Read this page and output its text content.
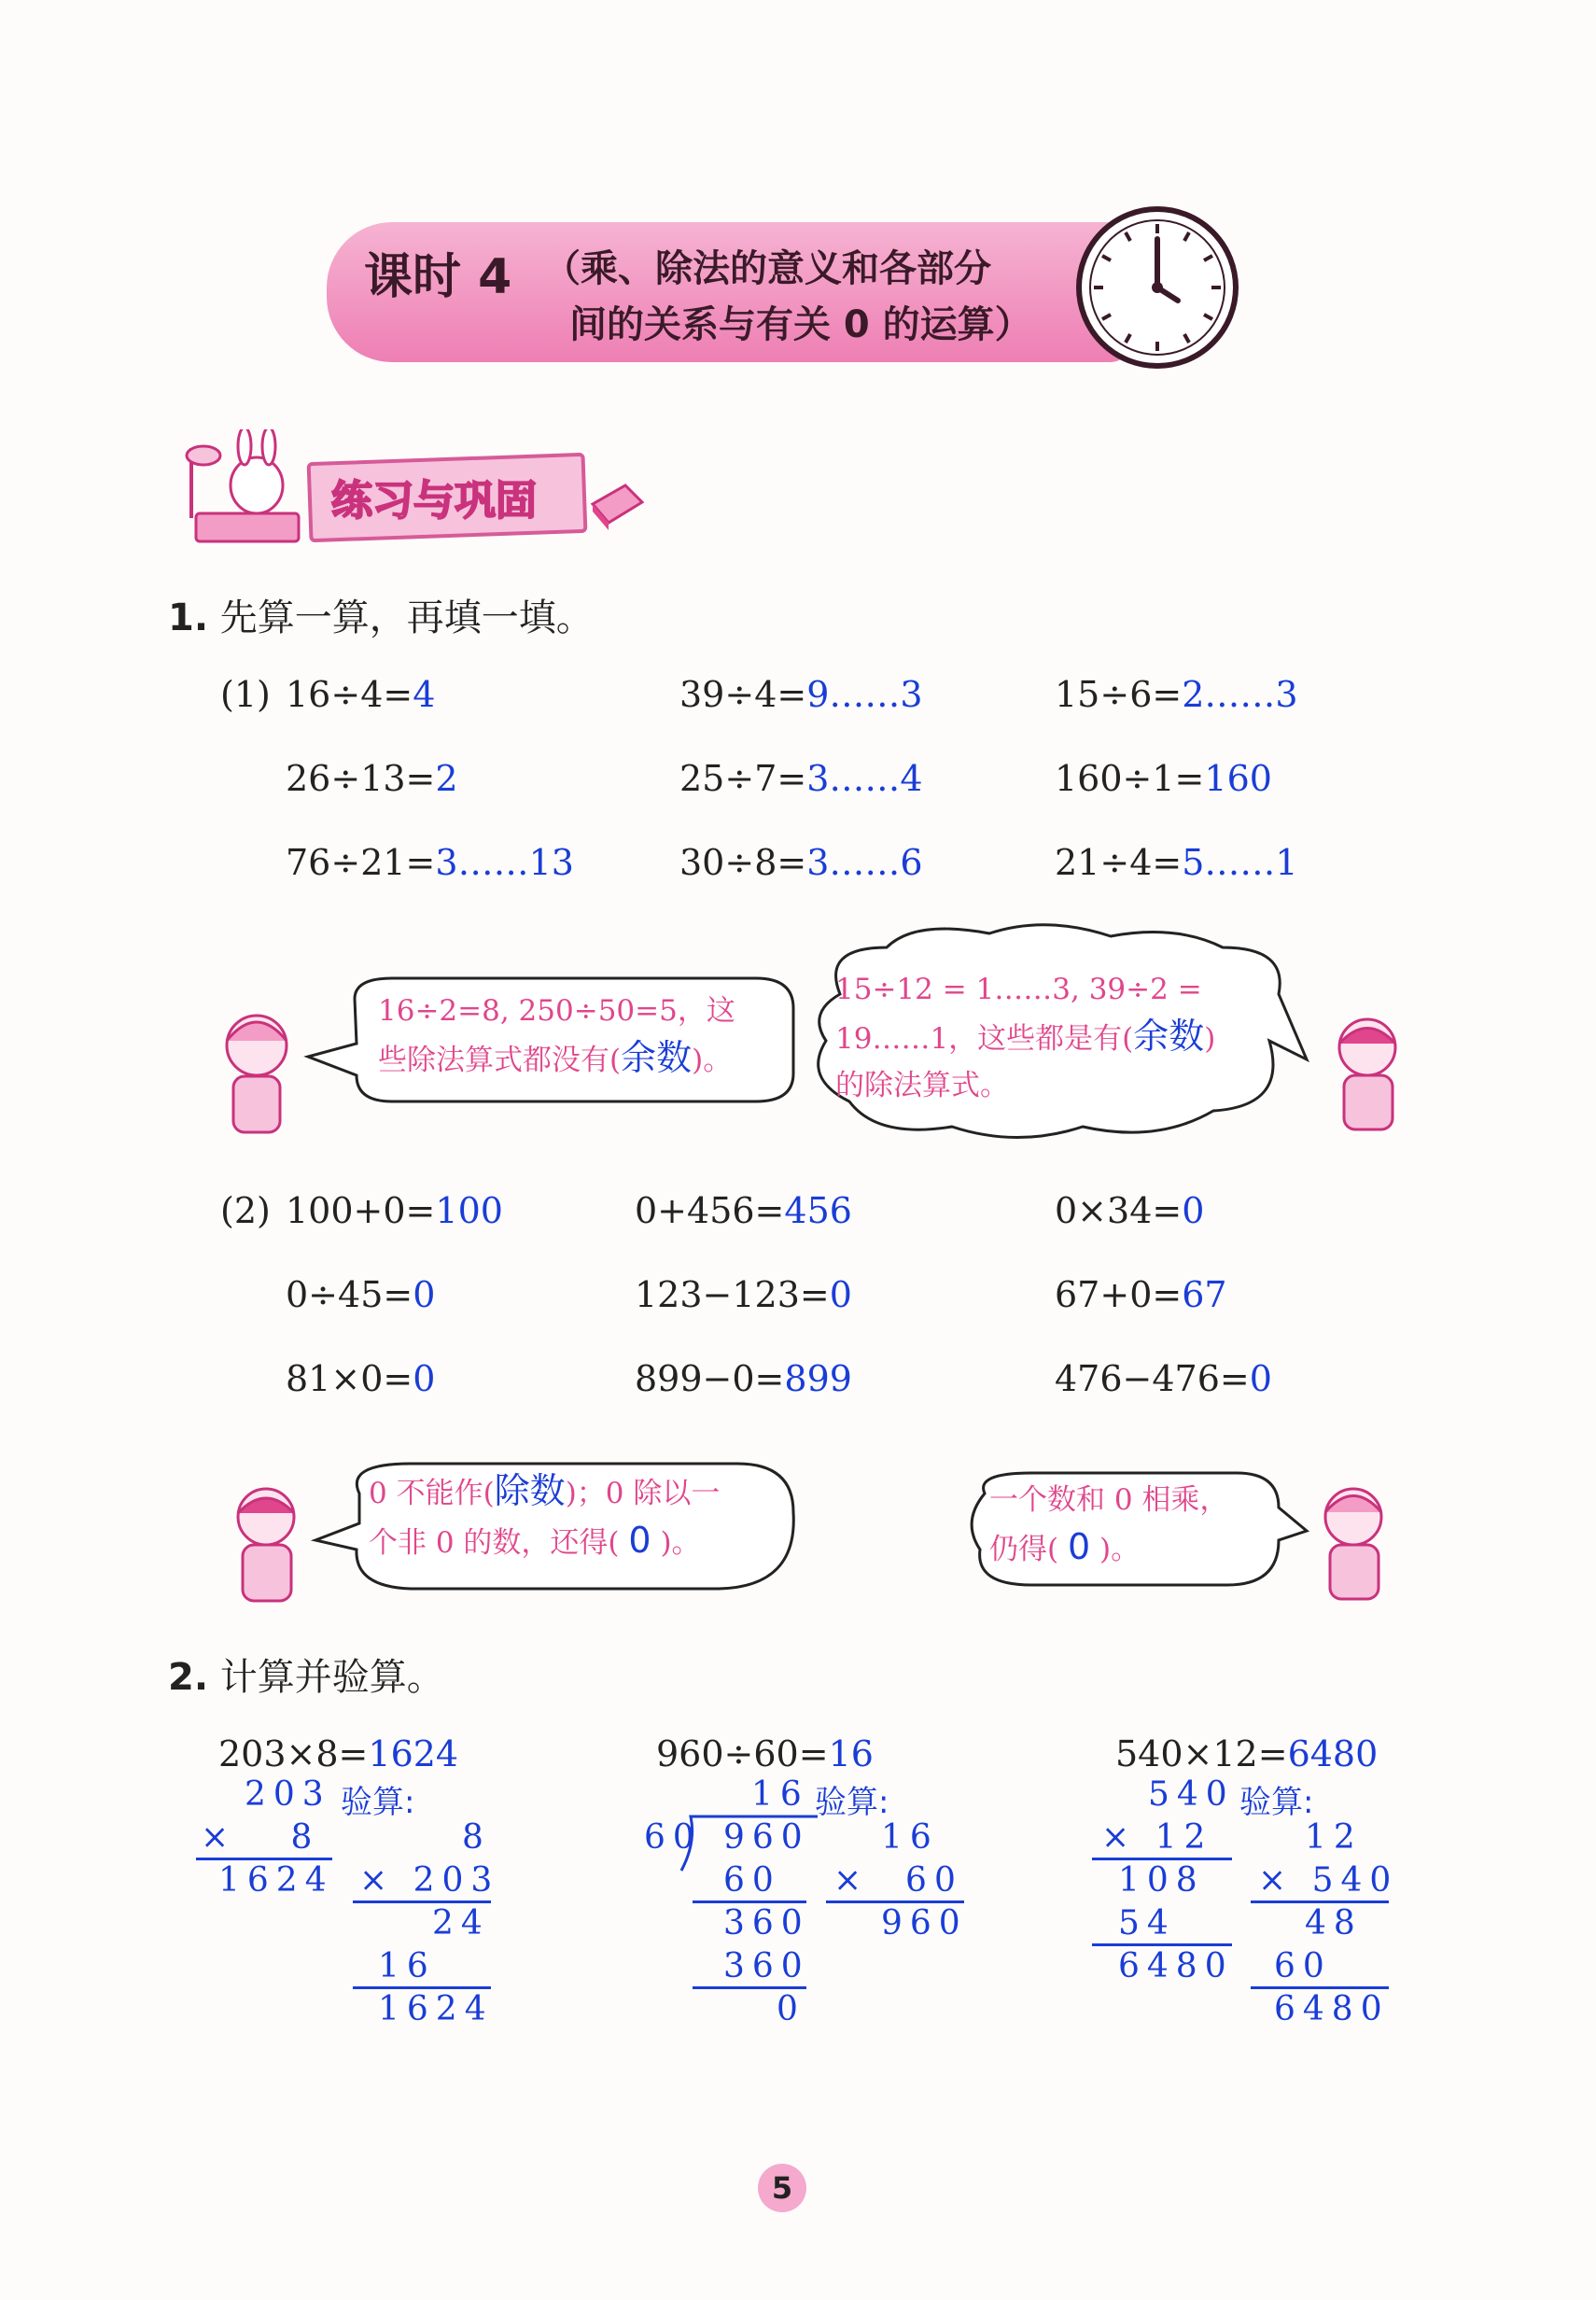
课时 4 （乘、除法的意义和各部分
间的关系与有关 0 的运算）
练习与巩固
1. 先算一算，再填一填。
(1) 16÷4=4	39÷4=9……3	15÷6=2……3
26÷13=2	25÷7=3……4	160÷1=160
76÷21=3……13	30÷8=3……6	21÷4=5……1
16÷2=8, 250÷50=5，这
些除法算式都没有(余数)。
15÷12 = 1……3, 39÷2 =
19……1，这些都是有(余数)
的除法算式。
(2) 100+0=100	0+456=456	0×34=0
0÷45=0	123−123=0	67+0=67
81×0=0	899−0=899	476−476=0
0 不能作(除数)；0 除以一
个非 0 的数，还得( 0 )。
一个数和 0 相乘，
仍得( 0 )。
2. 计算并验算。
203×8=1624
203 验算:
×   8
1624
8
× 203
24
16
1624
960÷60=16
16 验算:
60 960
60
360
360
0
16
×  60
960
540×12=6480
540 验算:
× 12
108
54
6480
12
× 540
48
60
6480
5
